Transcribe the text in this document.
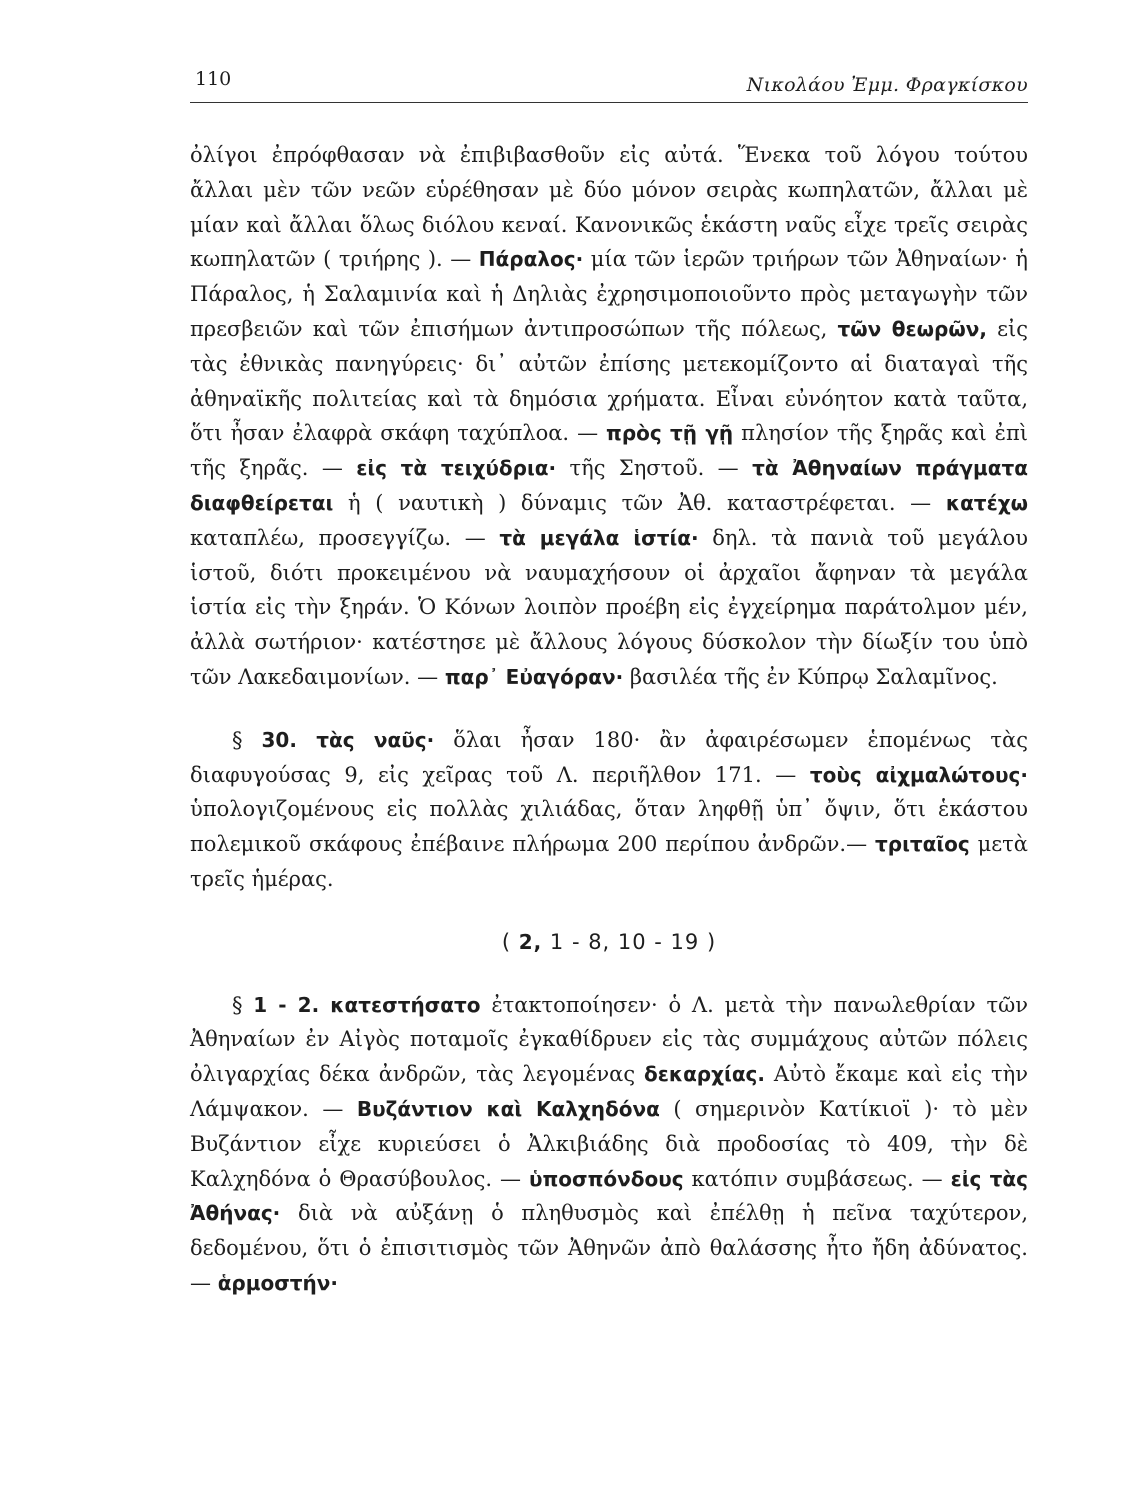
110	Νικολάου Ἐμμ. Φραγκίσκου

ὀλίγοι ἐπρόφθασαν νὰ ἐπιβιβασθοῦν εἰς αὐτά. Ἕνεκα τοῦ λόγου τούτου ἄλλαι μὲν τῶν νεῶν εὑρέθησαν μὲ δύο μόνον σειρὰς κωπηλατῶν, ἄλλαι μὲ μίαν καὶ ἄλλαι ὅλως διόλου κεναί. Κανονικῶς ἑκάστη ναῦς εἶχε τρεῖς σειρὰς κωπηλατῶν ( τριήρης ). — Πάραλος· μία τῶν ἱερῶν τριήρων τῶν Ἀθηναίων· ἡ Πάραλος, ἡ Σαλαμινία καὶ ἡ Δηλιὰς ἐχρησιμοποιοῦντο πρὸς μεταγωγὴν τῶν πρεσβειῶν καὶ τῶν ἐπισήμων ἀντιπροσώπων τῆς πόλεως, τῶν θεωρῶν, εἰς τὰς ἐθνικὰς πανηγύρεις· δι᾽ αὐτῶν ἐπίσης μετεκομίζοντο αἱ διαταγαὶ τῆς ἀθηναϊκῆς πολιτείας καὶ τὰ δημόσια χρήματα. Εἶναι εὐνόητον κατὰ ταῦτα, ὅτι ἦσαν ἐλαφρὰ σκάφη ταχύπλοα. — πρὸς τῇ γῇ πλησίον τῆς ξηρᾶς καὶ ἐπὶ τῆς ξηρᾶς. — εἰς τὰ τειχύδρια· τῆς Σηστοῦ. — τὰ Ἀθηναίων πράγματα διαφθείρεται ἡ ( ναυτικὴ ) δύναμις τῶν Ἀθ. καταστρέφεται. — κατέχω καταπλέω, προσεγγίζω. — τὰ μεγάλα ἱστία· δηλ. τὰ πανιὰ τοῦ μεγάλου ἱστοῦ, διότι προκειμένου νὰ ναυμαχήσουν οἱ ἀρχαῖοι ἄφηναν τὰ μεγάλα ἱστία εἰς τὴν ξηράν. Ὁ Κόνων λοιπὸν προέβη εἰς ἐγχείρημα παράτολμον μέν, ἀλλὰ σωτήριον· κατέστησε μὲ ἄλλους λόγους δύσκολον τὴν δίωξίν του ὑπὸ τῶν Λακεδαιμονίων. — παρ᾽ Εὐαγόραν· βασιλέα τῆς ἐν Κύπρῳ Σαλαμῖνος.

§ 30. τὰς ναῦς· ὅλαι ἦσαν 180· ἂν ἀφαιρέσωμεν ἑπομένως τὰς διαφυγούσας 9, εἰς χεῖρας τοῦ Λ. περιῆλθον 171. — τοὺς αἰχμαλώτους· ὑπολογιζομένους εἰς πολλὰς χιλιάδας, ὅταν ληφθῇ ὑπ᾽ ὄψιν, ὅτι ἑκάστου πολεμικοῦ σκάφους ἐπέβαινε πλήρωμα 200 περίπου ἀνδρῶν.— τριταῖος μετὰ τρεῖς ἡμέρας.

( 2, 1 - 8, 10 - 19 )

§ 1 - 2. κατεστήσατο ἐτακτοποίησεν· ὁ Λ. μετὰ τὴν πανωλεθρίαν τῶν Ἀθηναίων ἐν Αἰγὸς ποταμοῖς ἐγκαθίδρυεν εἰς τὰς συμμάχους αὐτῶν πόλεις ὀλιγαρχίας δέκα ἀνδρῶν, τὰς λεγομένας δεκαρχίας. Αὐτὸ ἔκαμε καὶ εἰς τὴν Λάμψακον. — Βυζάντιον καὶ Καλχηδόνα ( σημερινὸν Κατίκιοϊ )· τὸ μὲν Βυζάντιον εἶχε κυριεύσει ὁ Ἀλκιβιάδης διὰ προδοσίας τὸ 409, τὴν δὲ Καλχηδόνα ὁ Θρασύβουλος. — ὑποσπόνδους κατόπιν συμβάσεως. — εἰς τὰς Ἀθήνας· διὰ νὰ αὐξάνῃ ὁ πληθυσμὸς καὶ ἐπέλθῃ ἡ πεῖνα ταχύτερον, δεδομένου, ὅτι ὁ ἐπισιτισμὸς τῶν Ἀθηνῶν ἀπὸ θαλάσσης ἦτο ἤδη ἀδύνατος. — ἁρμοστήν·
